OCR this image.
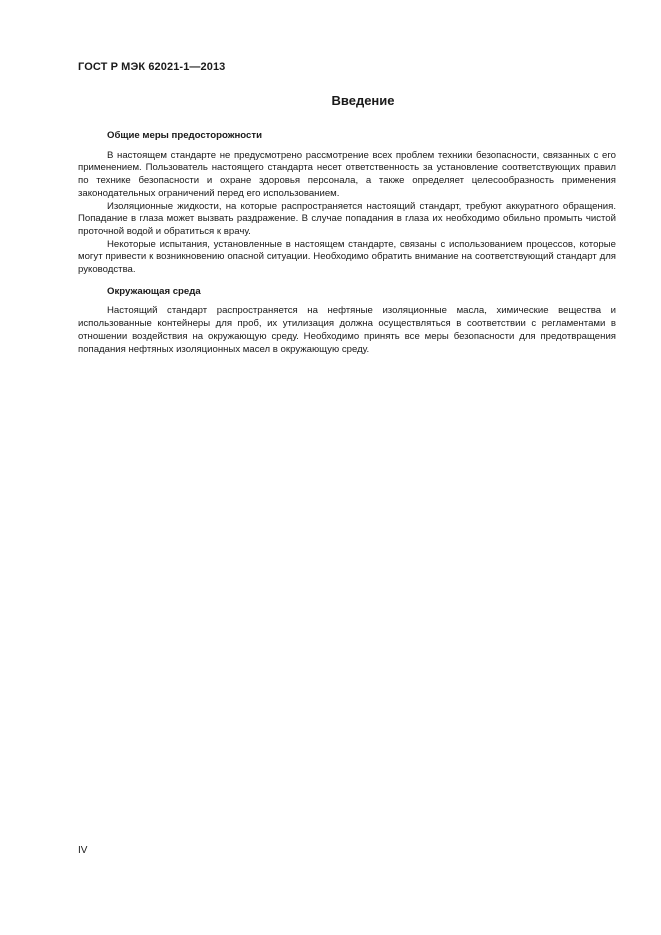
ГОСТ Р МЭК 62021-1—2013
Введение

Общие меры предосторожности

В настоящем стандарте не предусмотрено рассмотрение всех проблем техники безопасности, связанных с его применением. Пользователь настоящего стандарта несет ответственность за установление соответствующих правил по технике безопасности и охране здоровья персонала, а также определяет целесообразность применения законодательных ограничений перед его использованием.

Изоляционные жидкости, на которые распространяется настоящий стандарт, требуют аккуратного обращения. Попадание в глаза может вызвать раздражение. В случае попадания в глаза их необходимо обильно промыть чистой проточной водой и обратиться к врачу.

Некоторые испытания, установленные в настоящем стандарте, связаны с использованием процессов, которые могут привести к возникновению опасной ситуации. Необходимо обратить внимание на соответствующий стандарт для руководства.

Окружающая среда

Настоящий стандарт распространяется на нефтяные изоляционные масла, химические вещества и использованные контейнеры для проб, их утилизация должна осуществляться в соответствии с регламентами в отношении воздействия на окружающую среду. Необходимо принять все меры безопасности для предотвращения попадания нефтяных изоляционных масел в окружающую среду.

IV
